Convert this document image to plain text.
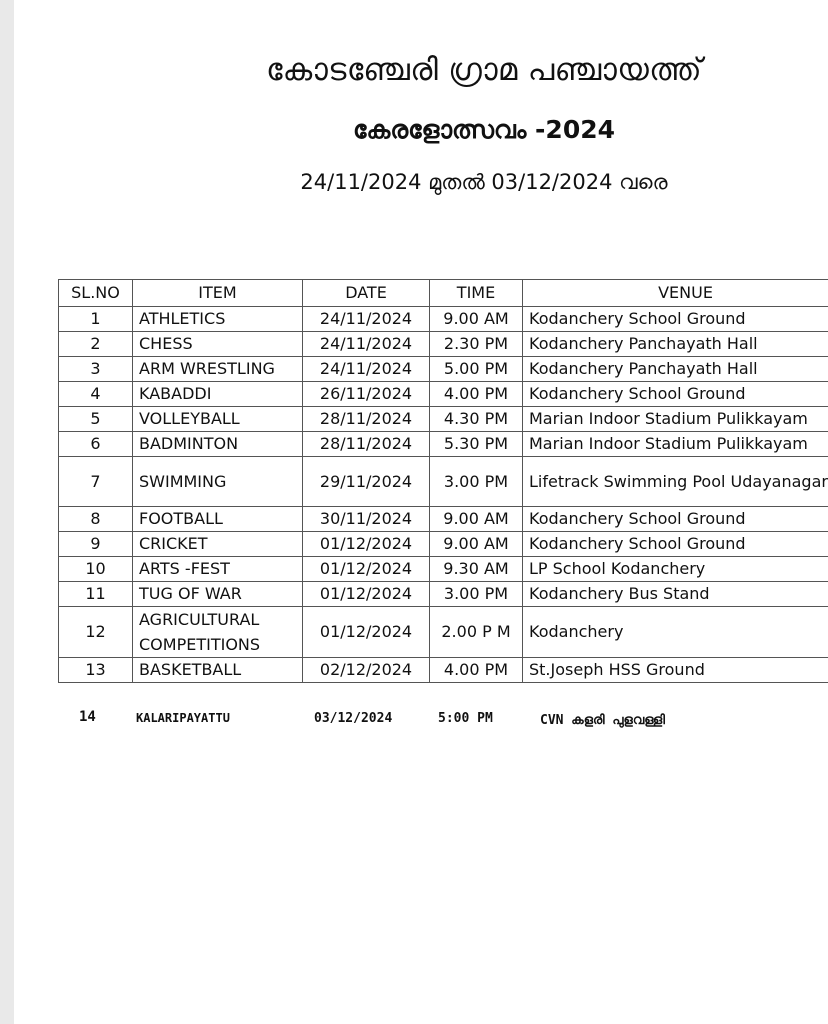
കോടഞ്ചേരി ഗ്രാമ പഞ്ചായത്ത്
കേരളോത്സവം -2024
24/11/2024 മുതൽ 03/12/2024 വരെ
SL.NO	ITEM	DATE	TIME	VENUE
1	ATHLETICS	24/11/2024	9.00 AM	Kodanchery School Ground
2	CHESS	24/11/2024	2.30 PM	Kodanchery Panchayath Hall
3	ARM WRESTLING	24/11/2024	5.00 PM	Kodanchery Panchayath Hall
4	KABADDI	26/11/2024	4.00 PM	Kodanchery School Ground
5	VOLLEYBALL	28/11/2024	4.30 PM	Marian Indoor Stadium Pulikkayam
6	BADMINTON	28/11/2024	5.30 PM	Marian Indoor Stadium Pulikkayam
7	SWIMMING	29/11/2024	3.00 PM	Lifetrack Swimming Pool Udayanagar
8	FOOTBALL	30/11/2024	9.00 AM	Kodanchery School Ground
9	CRICKET	01/12/2024	9.00 AM	Kodanchery School Ground
10	ARTS -FEST	01/12/2024	9.30 AM	LP School Kodanchery
11	TUG OF WAR	01/12/2024	3.00 PM	Kodanchery Bus Stand
12	AGRICULTURAL COMPETITIONS	01/12/2024	2.00 P M	Kodanchery
13	BASKETBALL	02/12/2024	4.00 PM	St.Joseph HSS Ground
14	KALARIPAYATTU	03/12/2024	5:00 PM	CVN കളരി പുളവള്ളി
